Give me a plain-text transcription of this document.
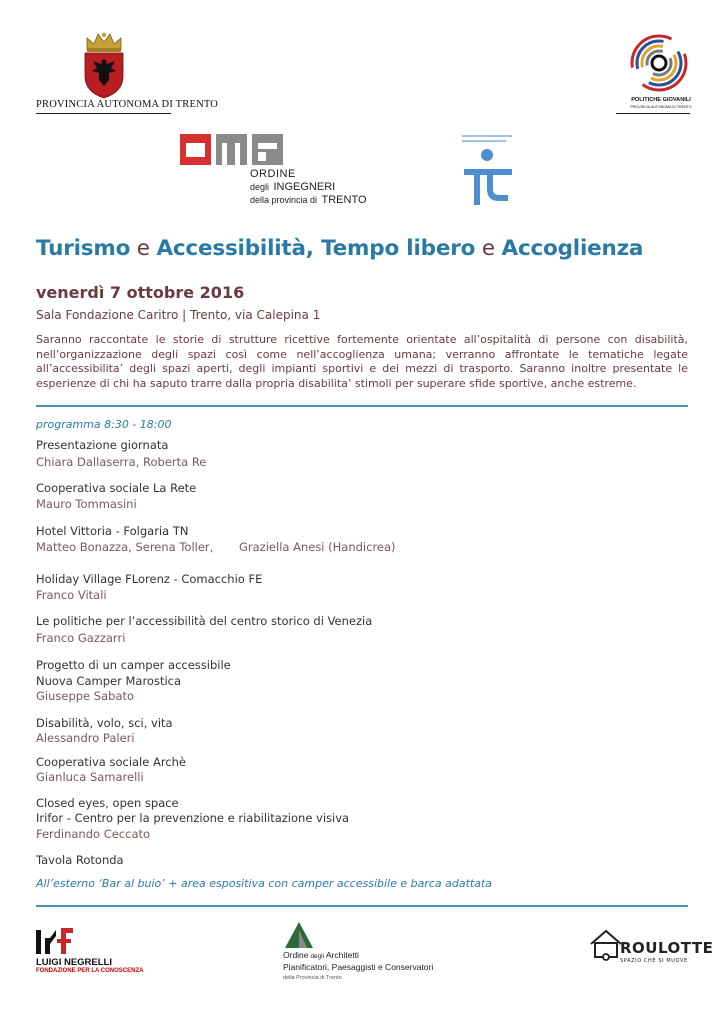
PROVINCIA AUTONOMA DI TRENTO	POLITICHE GIOVANILI
PROVINCIA AUTONOMA DI TRENTO
ORDINE
degli INGEGNERI
della provincia di TRENTO
Turismo e Accessibilità, Tempo libero e Accoglienza
venerdì 7 ottobre 2016
Sala Fondazione Caritro | Trento, via Calepina 1
Saranno raccontate le storie di strutture ricettive fortemente orientate all’ospitalità di persone con disabilità, nell’organizzazione degli spazi così come nell’accoglienza umana; verranno affrontate le tematiche legate all’accessibilita’ degli spazi aperti, degli impianti sportivi e dei mezzi di trasporto. Saranno inoltre presentate le esperienze di chi ha saputo trarre dalla propria disabilita’ stimoli per superare sfide sportive, anche estreme.
programma 8:30 - 18:00
Presentazione giornata
Chiara Dallaserra, Roberta Re
Cooperativa sociale La Rete
Mauro Tommasini
Hotel Vittoria - Folgaria TN
Matteo Bonazza, Serena Toller, Graziella Anesi (Handicrea)
Holiday Village FLorenz - Comacchio FE
Franco Vitali
Le politiche per l’accessibilità del centro storico di Venezia
Franco Gazzarri
Progetto di un camper accessibile
Nuova Camper Marostica
Giuseppe Sabato
Disabilità, volo, sci, vita
Alessandro Paleri
Cooperativa sociale Archè
Gianluca Samarelli
Closed eyes, open space
Irifor - Centro per la prevenzione e riabilitazione visiva
Ferdinando Ceccato
Tavola Rotonda
All’esterno ‘Bar al buio’ + area espositiva con camper accessibile e barca adattata
LUIGI NEGRELLI
FONDAZIONE PER LA CONOSCENZA
Ordine degli Architetti
Pianificatori, Paesaggisti e Conservatori
della Provincia di Trento
ROULOTTE
SPAZIO CHE SI MUOVE
